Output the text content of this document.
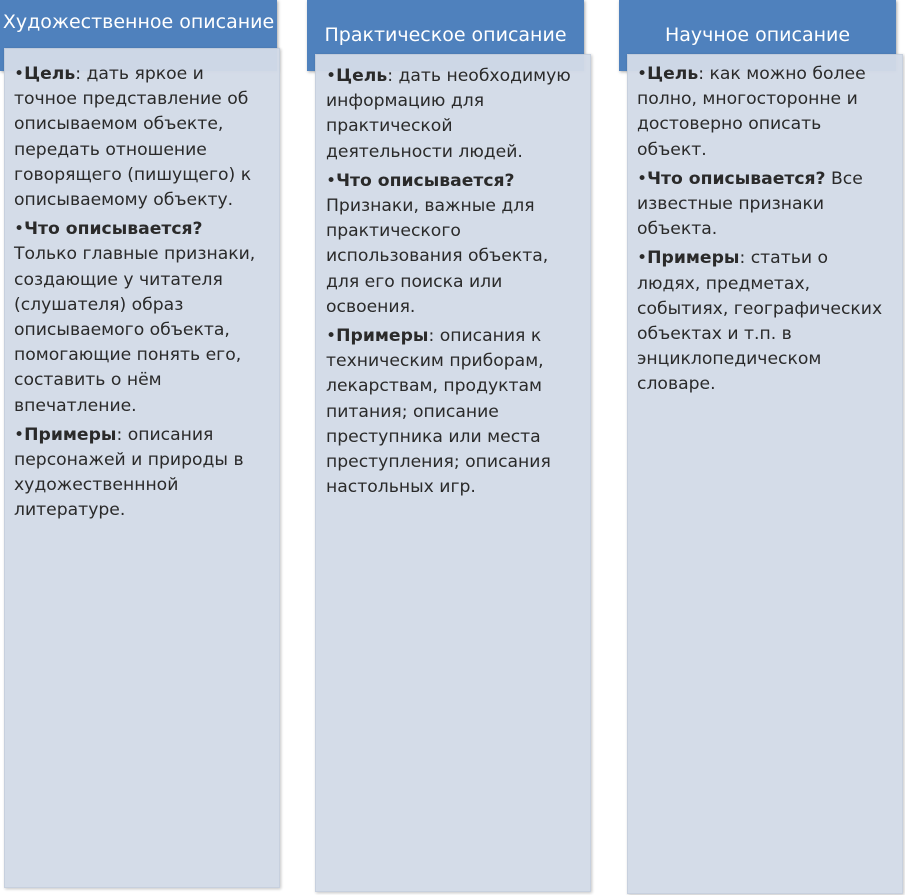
Художественное описание

•Цель: дать яркое и точное представление об описываемом объекте, передать отношение говорящего (пишущего) к описываемому объекту.

•Что описывается? Только главные признаки, создающие у читателя (слушателя) образ описываемого объекта, помогающие понять его, составить о нём впечатление.

•Примеры: описания персонажей и природы в художественнной литературе.

Практическое описание

•Цель: дать необходимую информацию для практической деятельности людей.

•Что описывается? Признаки, важные для практического использования объекта, для его поиска или освоения.

•Примеры: описания к техническим приборам, лекарствам, продуктам питания; описание преступника или места преступления; описания настольных игр.

Научное описание

•Цель: как можно более полно, многосторонне и достоверно описать объект.

•Что описывается? Все известные признаки объекта.

•Примеры: статьи о людях, предметах, событиях, географических объектах и т.п. в энциклопедическом словаре.
